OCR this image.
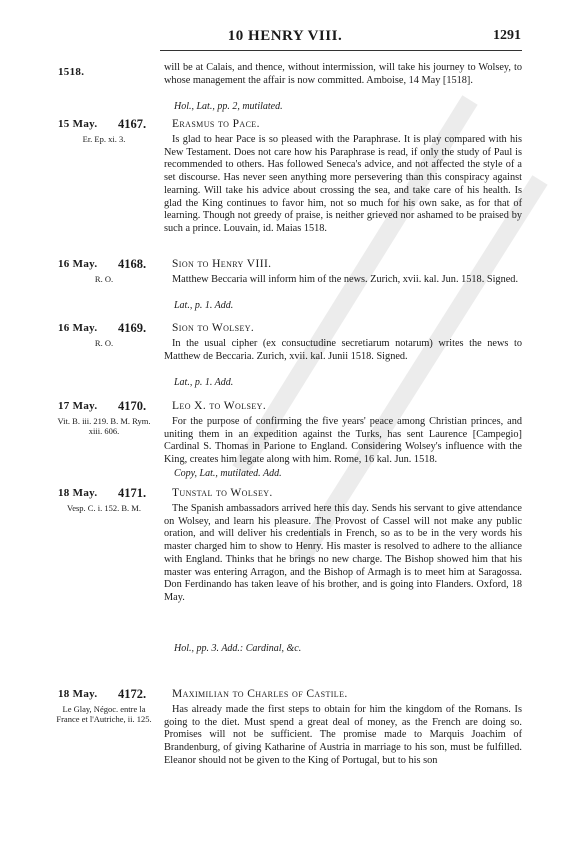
10 HENRY VIII.	1291
1518.	will be at Calais, and thence, without intermission, will take his journey to Wolsey, to whose management the affair is now committed. Amboise, 14 May [1518].
Hol., Lat., pp. 2, mutilated.
15 May.	4167.
Er. Ep. xi. 3.
Erasmus to Pace.
Is glad to hear Pace is so pleased with the Paraphrase. It is play compared with his New Testament. Does not care how his Paraphrase is read, if only the study of Paul is recommended to others. Has followed Seneca's advice, and not affected the style of a set discourse. Has never seen anything more persevering than this conspiracy against learning. Will take his advice about crossing the sea, and take care of his health. Is glad the King continues to favor him, not so much for his own sake, as for that of learning. Though not greedy of praise, is neither grieved nor ashamed to be praised by such a prince. Louvain, id. Maias 1518.
16 May.	4168.
R. O.
Sion to Henry VIII.
Matthew Beccaria will inform him of the news. Zurich, xvii. kal. Jun. 1518. Signed.
Lat., p. 1. Add.
16 May.	4169.
R. O.
Sion to Wolsey.
In the usual cipher (ex consuctudine secretiarum notarum) writes the news to Matthew de Beccaria. Zurich, xvii. kal. Junii 1518. Signed.
Lat., p. 1. Add.
17 May.	4170.
Vit. B. iii. 219. B. M. Rym. xiii. 606.
Leo X. to Wolsey.
For the purpose of confirming the five years' peace among Christian princes, and uniting them in an expedition against the Turks, has sent Laurence [Campegio] Cardinal S. Thomas in Parione to England. Considering Wolsey's influence with the King, creates him legate along with him. Rome, 16 kal. Jun. 1518.
Copy, Lat., mutilated. Add.
18 May.	4171.
Vesp. C. i. 152. B. M.
Tunstal to Wolsey.
The Spanish ambassadors arrived here this day. Sends his servant to give attendance on Wolsey, and learn his pleasure. The Provost of Cassel will not make any public oration, and will deliver his credentials in French, so as to be in the very words his master charged him to show to Henry. His master is resolved to adhere to the alliance with England. Thinks that he brings no new charge. The Bishop showed him that his master was entering Arragon, and the Bishop of Armagh is to meet him at Saragossa. Don Ferdinando has taken leave of his brother, and is going into Flanders. Oxford, 18 May.
Hol., pp. 3. Add.: Cardinal, &c.
18 May.	4172.
Le Glay, Négoc. entre la France et l'Autriche, ii. 125.
Maximilian to Charles of Castile.
Has already made the first steps to obtain for him the kingdom of the Romans. Is going to the diet. Must spend a great deal of money, as the French are doing so. Promises will not be sufficient. The promise made to Marquis Joachim of Brandenburg, of giving Katharine of Austria in marriage to his son, must be fulfilled. Eleanor should not be given to the King of Portugal, but to his son
